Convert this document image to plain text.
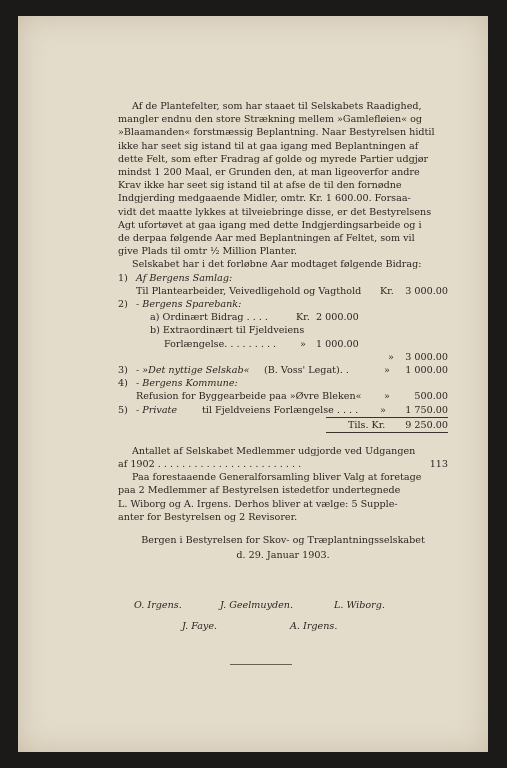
Af de Plantefelter, som har staaet til Selskabets Raadighed,

mangler endnu den store Strækning mellem »Gamlefløien« og

»Blaamanden« forstmæssig Beplantning. Naar Bestyrelsen hidtil

ikke har seet sig istand til at gaa igang med Beplantningen af

dette Felt, som efter Fradrag af golde og myrede Partier udgjør

mindst 1 200 Maal, er Grunden den, at man ligeoverfor andre

Krav ikke har seet sig istand til at afse de til den fornødne

Indgjerding medgaaende Midler, omtr. Kr. 1 600.00. Forsaa-

vidt det maatte lykkes at tilveiebringe disse, er det Bestyrelsens

Agt ufortøvet at gaa igang med dette Indgjerdingsarbeide og i

de derpaa følgende Aar med Beplantningen af Feltet, som vil

give Plads til omtr ½ Million Planter.

Selskabet har i det forløbne Aar modtaget følgende Bidrag:

1) Af Bergens Samlag:
Til Plantearbeider, Veivedligehold og Vagthold Kr. 3 000.00
2) - Bergens Sparebank:
a) Ordinært Bidrag . . . .	Kr. 2 000.00
b) Extraordinært til Fjeldveiens
Forlængelse. . . . . . . . . » 1 000.00
» 3 000.00
3) - »Det nyttige Selskab« (B. Voss' Legat). .	» 1 000.00
4) - Bergens Kommune:
Refusion for Byggearbeide paa »Øvre Bleken« »	500.00
5) - Private	til Fjeldveiens Forlængelse . . . . » 1 750.00
Tils. Kr. 9 250.00

Antallet af Selskabet Medlemmer udgjorde ved Udgangen

af 1902 . . . . . . . . . . . . . . . . . . . . . . . .	113

Paa forestaaende Generalforsamling bliver Valg at foretage

paa 2 Medlemmer af Bestyrelsen istedetfor undertegnede

L. Wiborg og A. Irgens. Derhos bliver at vælge: 5 Supple-

anter for Bestyrelsen og 2 Revisorer.

Bergen i Bestyrelsen for Skov- og Træplantningsselskabet

d. 29. Januar 1903.

O. Irgens.	J. Geelmuyden.	L. Wiborg.
J. Faye.	A. Irgens.
